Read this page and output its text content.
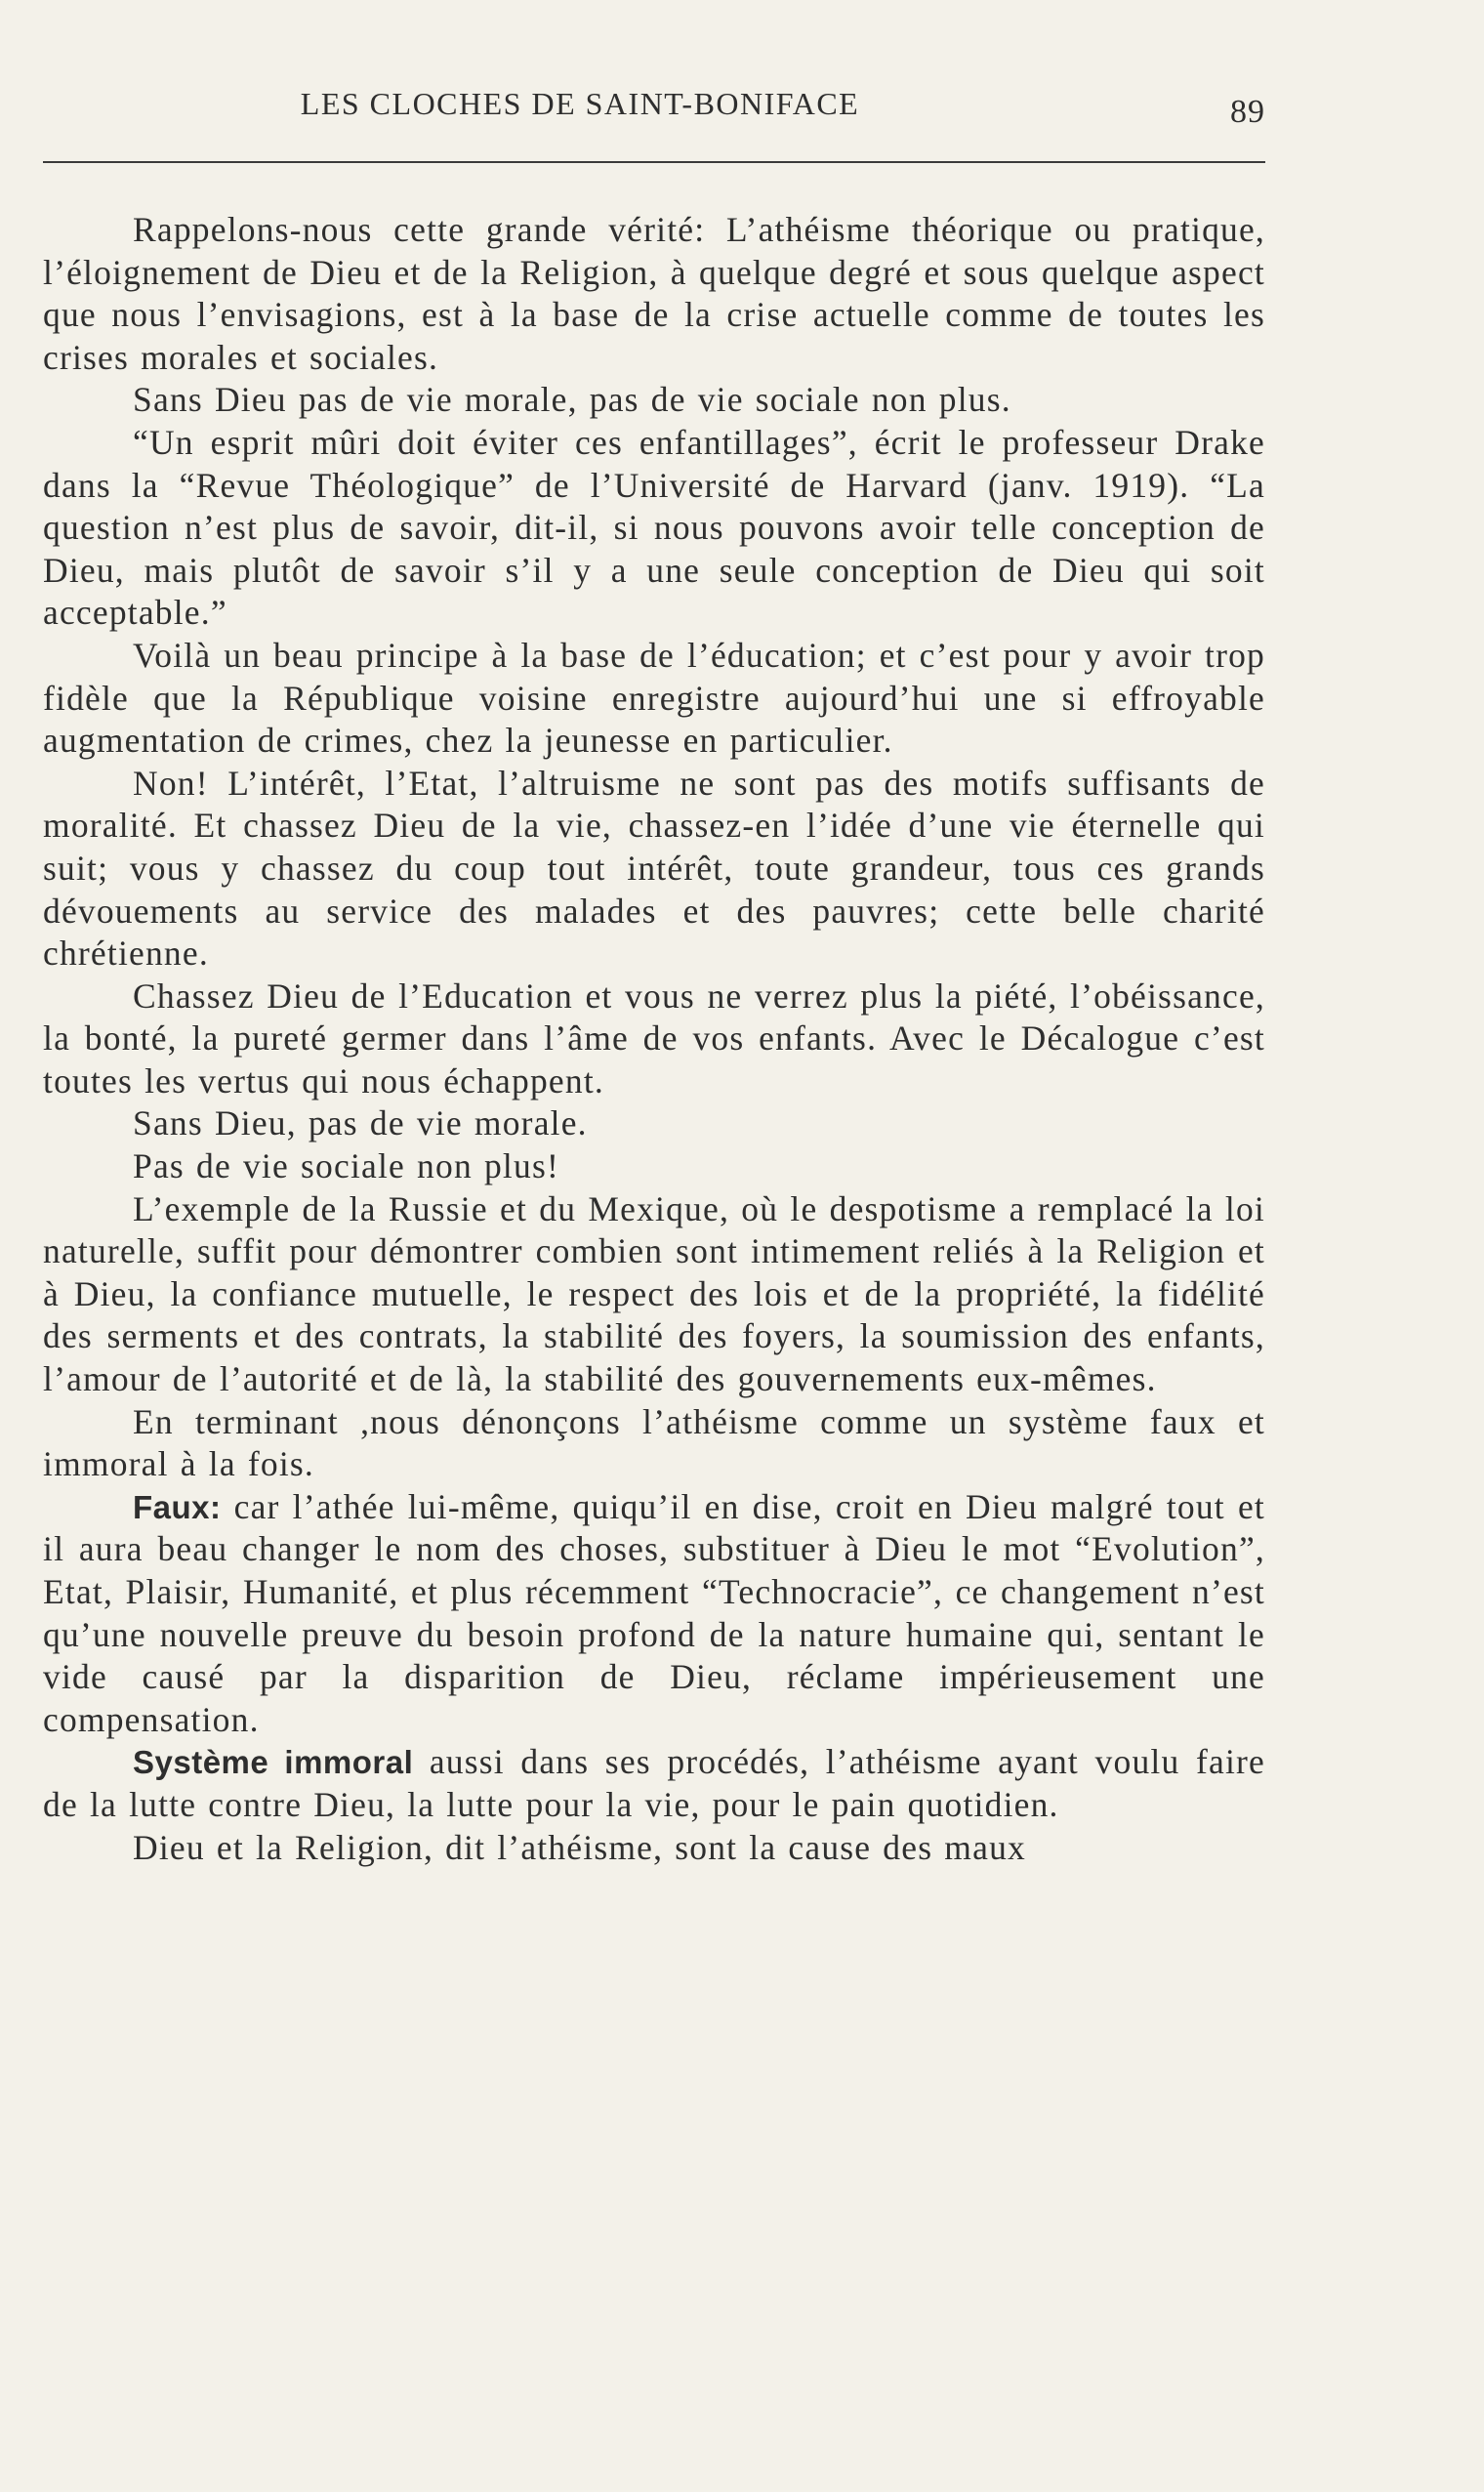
LES CLOCHES DE SAINT-BONIFACE	89

Rappelons-nous cette grande vérité: L’athéisme théorique ou pratique, l’éloignement de Dieu et de la Religion, à quelque degré et sous quelque aspect que nous l’envisagions, est à la base de la crise actuelle comme de toutes les crises morales et sociales.

Sans Dieu pas de vie morale, pas de vie sociale non plus.

“Un esprit mûri doit éviter ces enfantillages”, écrit le professeur Drake dans la “Revue Théologique” de l’Université de Harvard (janv. 1919). “La question n’est plus de savoir, dit-il, si nous pouvons avoir telle conception de Dieu, mais plutôt de savoir s’il y a une seule conception de Dieu qui soit acceptable.”

Voilà un beau principe à la base de l’éducation; et c’est pour y avoir trop fidèle que la République voisine enregistre aujourd’hui une si effroyable augmentation de crimes, chez la jeunesse en particulier.

Non! L’intérêt, l’Etat, l’altruisme ne sont pas des motifs suffisants de moralité. Et chassez Dieu de la vie, chassez-en l’idée d’une vie éternelle qui suit; vous y chassez du coup tout intérêt, toute grandeur, tous ces grands dévouements au service des malades et des pauvres; cette belle charité chrétienne.

Chassez Dieu de l’Education et vous ne verrez plus la piété, l’obéissance, la bonté, la pureté germer dans l’âme de vos enfants. Avec le Décalogue c’est toutes les vertus qui nous échappent.

Sans Dieu, pas de vie morale.

Pas de vie sociale non plus!

L’exemple de la Russie et du Mexique, où le despotisme a remplacé la loi naturelle, suffit pour démontrer combien sont intimement reliés à la Religion et à Dieu, la confiance mutuelle, le respect des lois et de la propriété, la fidélité des serments et des contrats, la stabilité des foyers, la soumission des enfants, l’amour de l’autorité et de là, la stabilité des gouvernements eux-mêmes.

En terminant ,nous dénonçons l’athéisme comme un système faux et immoral à la fois.

Faux: car l’athée lui-même, quiqu’il en dise, croit en Dieu malgré tout et il aura beau changer le nom des choses, substituer à Dieu le mot “Evolution”, Etat, Plaisir, Humanité, et plus récemment “Technocracie”, ce changement n’est qu’une nouvelle preuve du besoin profond de la nature humaine qui, sentant le vide causé par la disparition de Dieu, réclame impérieusement une compensation.

Système immoral aussi dans ses procédés, l’athéisme ayant voulu faire de la lutte contre Dieu, la lutte pour la vie, pour le pain quotidien.

Dieu et la Religion, dit l’athéisme, sont la cause des maux
